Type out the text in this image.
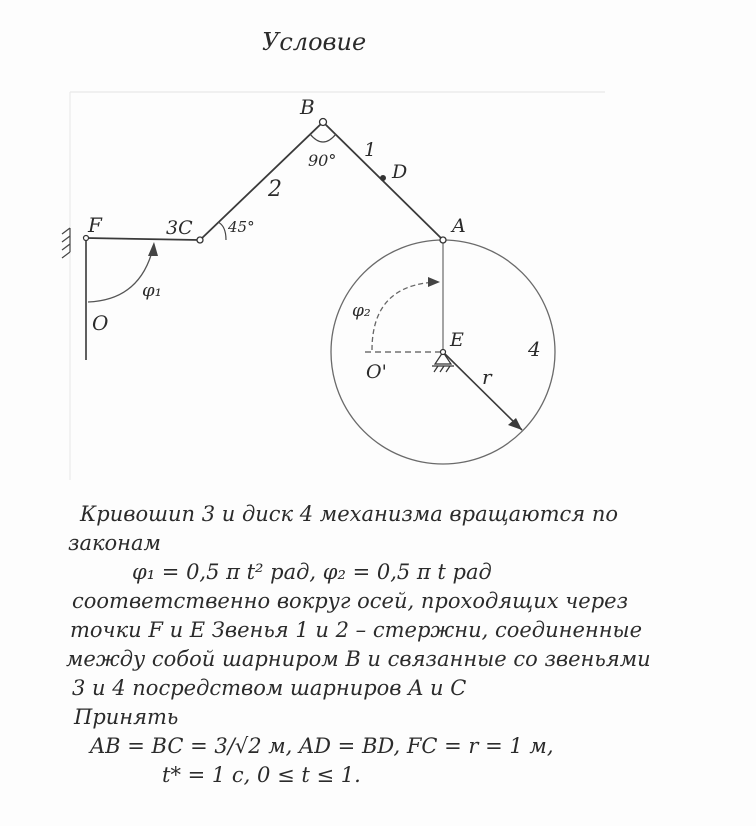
Условие
B
F	3C
D
A
O
E
O'
1
2
4
r
90°
45°
φ₁
φ₂
Кривошип 3 и диск 4 механизма вращаются по
законам
φ₁ = 0,5 π t² рад, φ₂ = 0,5 π t рад
соответственно вокруг осей, проходящих через
точки F и E Звенья 1 и 2 – стержни, соединенные
между собой шарниром B и связанные со звеньями
3 и 4 посредством шарниров A и C
Принять
AB = BC = 3/√2 м, AD = BD, FC = r = 1 м,
t* = 1 с, 0 ≤ t ≤ 1.
